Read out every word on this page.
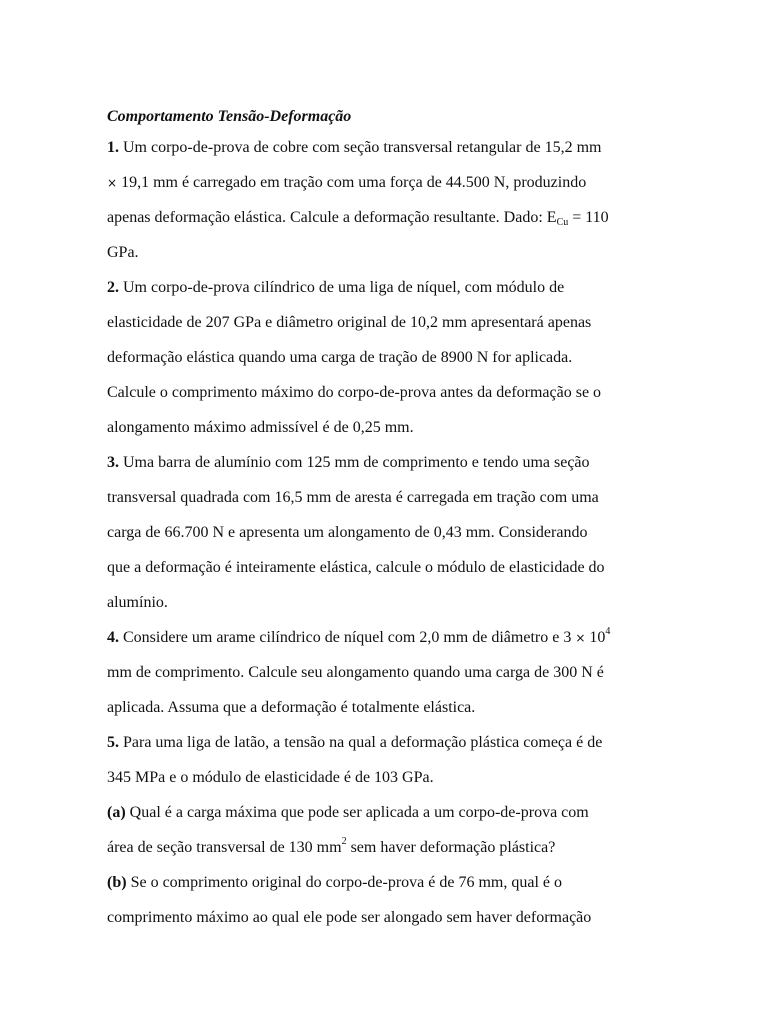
Comportamento Tensão-Deformação
1. Um corpo-de-prova de cobre com seção transversal retangular de 15,2 mm
× 19,1 mm é carregado em tração com uma força de 44.500 N, produzindo
apenas deformação elástica. Calcule a deformação resultante. Dado: $E_{Cu} = 110$
GPa.
2. Um corpo-de-prova cilíndrico de uma liga de níquel, com módulo de
elasticidade de 207 GPa e diâmetro original de 10,2 mm apresentará apenas
deformação elástica quando uma carga de tração de 8900 N for aplicada.
Calcule o comprimento máximo do corpo-de-prova antes da deformação se o
alongamento máximo admissível é de 0,25 mm.
3. Uma barra de alumínio com 125 mm de comprimento e tendo uma seção
transversal quadrada com 16,5 mm de aresta é carregada em tração com uma
carga de 66.700 N e apresenta um alongamento de 0,43 mm. Considerando
que a deformação é inteiramente elástica, calcule o módulo de elasticidade do
alumínio.
4. Considere um arame cilíndrico de níquel com 2,0 mm de diâmetro e $3 \times 10^4$
mm de comprimento. Calcule seu alongamento quando uma carga de 300 N é
aplicada. Assuma que a deformação é totalmente elástica.
5. Para uma liga de latão, a tensão na qual a deformação plástica começa é de
345 MPa e o módulo de elasticidade é de 103 GPa.
(a) Qual é a carga máxima que pode ser aplicada a um corpo-de-prova com
área de seção transversal de 130 $mm^2$ sem haver deformação plástica?
(b) Se o comprimento original do corpo-de-prova é de 76 mm, qual é o
comprimento máximo ao qual ele pode ser alongado sem haver deformação
